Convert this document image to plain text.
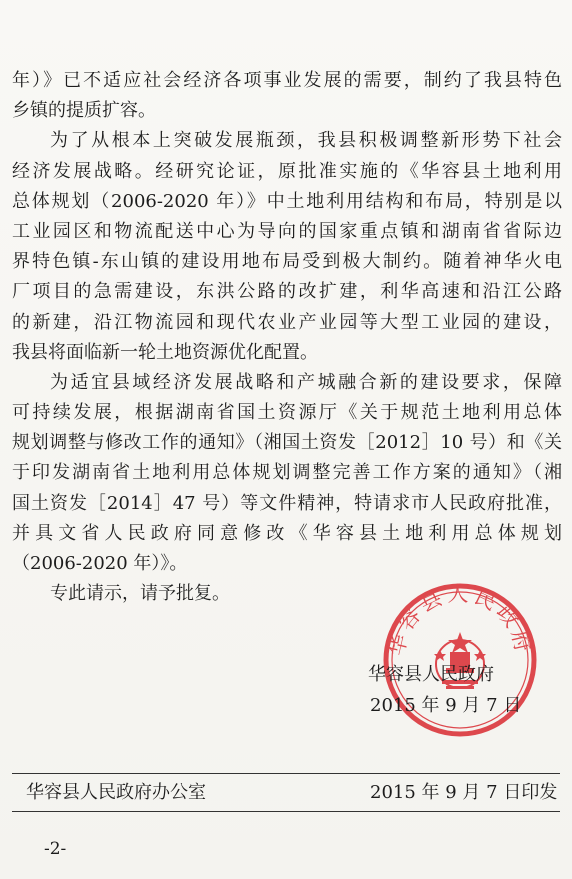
年）》已不适应社会经济各项事业发展的需要，制约了我县特色
乡镇的提质扩容。
为了从根本上突破发展瓶颈，我县积极调整新形势下社会
经济发展战略。经研究论证，原批准实施的《华容县土地利用
总体规划（2006-2020 年）》中土地利用结构和布局，特别是以
工业园区和物流配送中心为导向的国家重点镇和湖南省省际边
界特色镇-东山镇的建设用地布局受到极大制约。随着神华火电
厂项目的急需建设，东洪公路的改扩建，利华高速和沿江公路
的新建，沿江物流园和现代农业产业园等大型工业园的建设，
我县将面临新一轮土地资源优化配置。
为适宜县域经济发展战略和产城融合新的建设要求，保障
可持续发展，根据湖南省国土资源厅《关于规范土地利用总体
规划调整与修改工作的通知》（湘国土资发［2012］10 号）和《关
于印发湖南省土地利用总体规划调整完善工作方案的通知》（湘
国土资发［2014］47 号）等文件精神，特请求市人民政府批准，
并具文省人民政府同意修改《华容县土地利用总体规划
（2006-2020 年）》。
专此请示，请予批复。
华容县人民政府
华容县人民政府
2015 年 9 月 7 日
华容县人民政府办公室	2015 年 9 月 7 日印发
-2-
